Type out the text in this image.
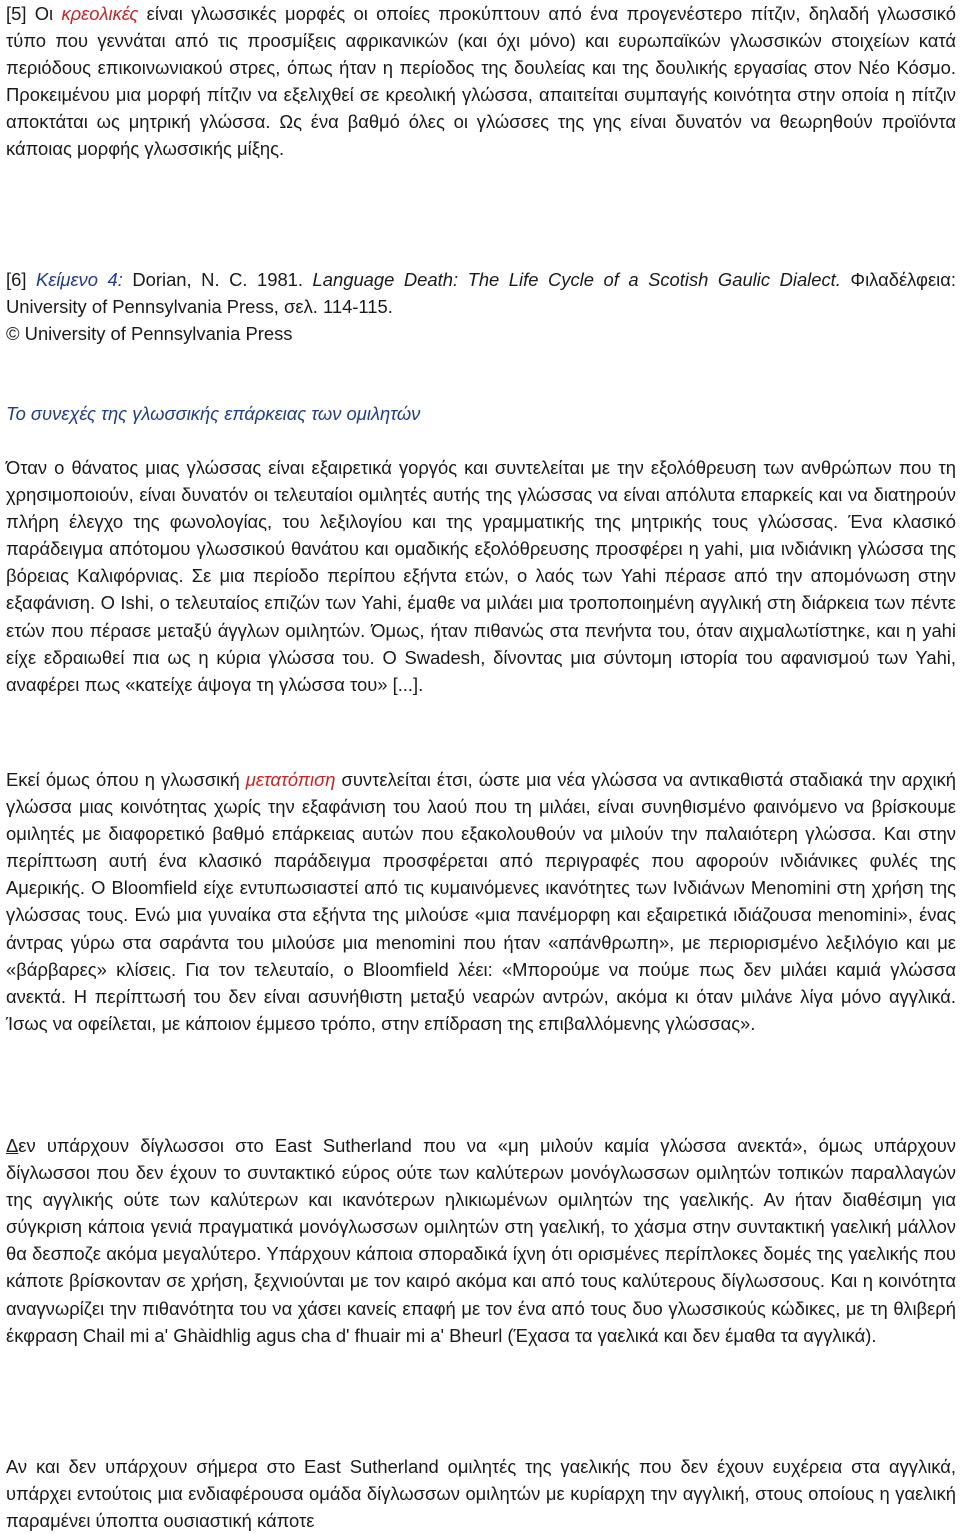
[5] Οι κρεολικές είναι γλωσσικές μορφές οι οποίες προκύπτουν από ένα προγενέστερο πίτζιν, δηλαδή γλωσσικό τύπο που γεννάται από τις προσμίξεις αφρικανικών (και όχι μόνο) και ευρωπαϊκών γλωσσικών στοιχείων κατά περιόδους επικοινωνιακού στρες, όπως ήταν η περίοδος της δουλείας και της δουλικής εργασίας στον Νέο Κόσμο. Προκειμένου μια μορφή πίτζιν να εξελιχθεί σε κρεολική γλώσσα, απαιτείται συμπαγής κοινότητα στην οποία η πίτζιν αποκτάται ως μητρική γλώσσα. Ως ένα βαθμό όλες οι γλώσσες της γης είναι δυνατόν να θεωρηθούν προϊόντα κάποιας μορφής γλωσσικής μίξης.

[6] Κείμενο 4: Dorian, N. C. 1981. Language Death: The Life Cycle of a Scotish Gaulic Dialect. Φιλαδέλφεια: University of Pennsylvania Press, σελ. 114-115.
© University of Pennsylvania Press

Το συνεχές της γλωσσικής επάρκειας των ομιλητών

Όταν ο θάνατος μιας γλώσσας είναι εξαιρετικά γοργός και συντελείται με την εξολόθρευση των ανθρώπων που τη χρησιμοποιούν, είναι δυνατόν οι τελευταίοι ομιλητές αυτής της γλώσσας να είναι απόλυτα επαρκείς και να διατηρούν πλήρη έλεγχο της φωνολογίας, του λεξιλογίου και της γραμματικής της μητρικής τους γλώσσας. Ένα κλασικό παράδειγμα απότομου γλωσσικού θανάτου και ομαδικής εξολόθρευσης προσφέρει η yahi, μια ινδιάνικη γλώσσα της βόρειας Καλιφόρνιας. Σε μια περίοδο περίπου εξήντα ετών, ο λαός των Yahi πέρασε από την απομόνωση στην εξαφάνιση. Ο Ishi, ο τελευταίος επιζών των Yahi, έμαθε να μιλάει μια τροποποιημένη αγγλική στη διάρκεια των πέντε ετών που πέρασε μεταξύ άγγλων ομιλητών. Όμως, ήταν πιθανώς στα πενήντα του, όταν αιχμαλωτίστηκε, και η yahi είχε εδραιωθεί πια ως η κύρια γλώσσα του. Ο Swadesh, δίνοντας μια σύντομη ιστορία του αφανισμού των Yahi, αναφέρει πως «κατείχε άψογα τη γλώσσα του» [...].

Εκεί όμως όπου η γλωσσική μετατόπιση συντελείται έτσι, ώστε μια νέα γλώσσα να αντικαθιστά σταδιακά την αρχική γλώσσα μιας κοινότητας χωρίς την εξαφάνιση του λαού που τη μιλάει, είναι συνηθισμένο φαινόμενο να βρίσκουμε ομιλητές με διαφορετικό βαθμό επάρκειας αυτών που εξακολουθούν να μιλούν την παλαιότερη γλώσσα. Και στην περίπτωση αυτή ένα κλασικό παράδειγμα προσφέρεται από περιγραφές που αφορούν ινδιάνικες φυλές της Αμερικής. Ο Bloomfield είχε εντυπωσιαστεί από τις κυμαινόμενες ικανότητες των Ινδιάνων Menomini στη χρήση της γλώσσας τους. Ενώ μια γυναίκα στα εξήντα της μιλούσε «μια πανέμορφη και εξαιρετικά ιδιάζουσα menomini», ένας άντρας γύρω στα σαράντα του μιλούσε μια menomini που ήταν «απάνθρωπη», με περιορισμένο λεξιλόγιο και με «βάρβαρες» κλίσεις. Για τον τελευταίο, ο Bloomfield λέει: «Μπορούμε να πούμε πως δεν μιλάει καμιά γλώσσα ανεκτά. Η περίπτωσή του δεν είναι ασυνήθιστη μεταξύ νεαρών αντρών, ακόμα κι όταν μιλάνε λίγα μόνο αγγλικά. Ίσως να οφείλεται, με κάποιον έμμεσο τρόπο, στην επίδραση της επιβαλλόμενης γλώσσας».

Δεν υπάρχουν δίγλωσσοι στο East Sutherland που να «μη μιλούν καμία γλώσσα ανεκτά», όμως υπάρχουν δίγλωσσοι που δεν έχουν το συντακτικό εύρος ούτε των καλύτερων μονόγλωσσων ομιλητών τοπικών παραλλαγών της αγγλικής ούτε των καλύτερων και ικανότερων ηλικιωμένων ομιλητών της γαελικής. Αν ήταν διαθέσιμη για σύγκριση κάποια γενιά πραγματικά μονόγλωσσων ομιλητών στη γαελική, το χάσμα στην συντακτική γαελική μάλλον θα δεσποζε ακόμα μεγαλύτερο. Υπάρχουν κάποια σποραδικά ίχνη ότι ορισμένες περίπλοκες δομές της γαελικής που κάποτε βρίσκονταν σε χρήση, ξεχνιούνται με τον καιρό ακόμα και από τους καλύτερους δίγλωσσους. Και η κοινότητα αναγνωρίζει την πιθανότητα του να χάσει κανείς επαφή με τον ένα από τους δυο γλωσσικούς κώδικες, με τη θλιβερή έκφραση Chail mi a' Ghàidhlig agus cha d' fhuair mi a' Bheurl (Έχασα τα γαελικά και δεν έμαθα τα αγγλικά).

Αν και δεν υπάρχουν σήμερα στο East Sutherland ομιλητές της γαελικής που δεν έχουν ευχέρεια στα αγγλικά, υπάρχει εντούτοις μια ενδιαφέρουσα ομάδα δίγλωσσων ομιλητών με κυρίαρχη την αγγλική, στους οποίους η γαελική παραμένει ύποπτα ουσιαστική κάποτε
